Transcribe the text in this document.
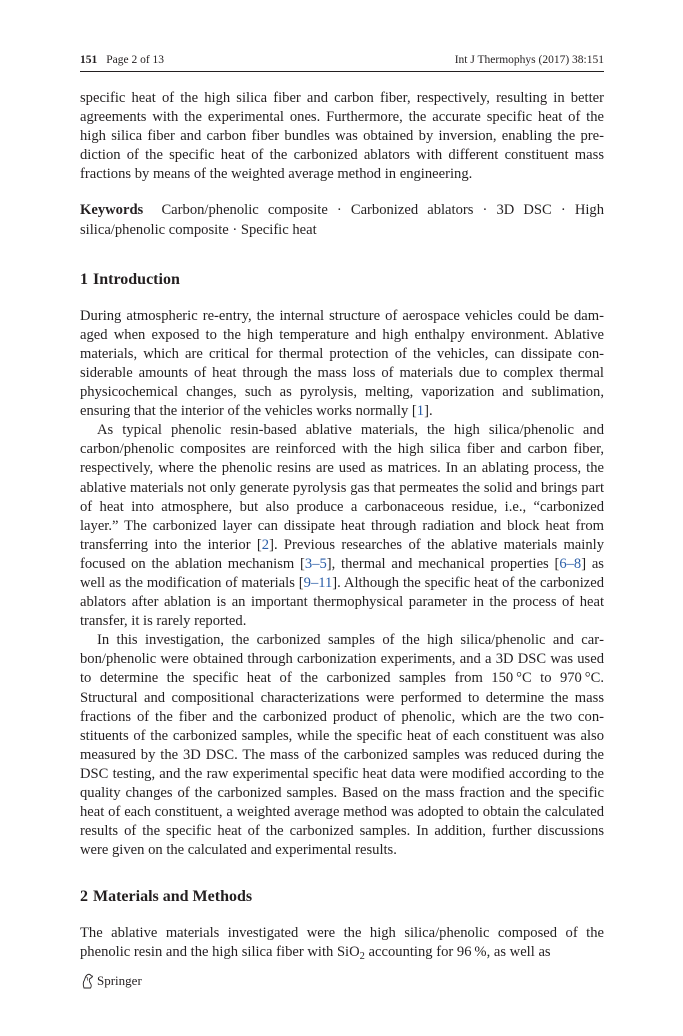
151 Page 2 of 13	Int J Thermophys (2017) 38:151

specific heat of the high silica fiber and carbon fiber, respectively, resulting in better agreements with the experimental ones. Furthermore, the accurate specific heat of the high silica fiber and carbon fiber bundles was obtained by inversion, enabling the prediction of the specific heat of the carbonized ablators with different constituent mass fractions by means of the weighted average method in engineering.

Keywords Carbon/phenolic composite · Carbonized ablators · 3D DSC · High silica/phenolic composite · Specific heat

1 Introduction

During atmospheric re-entry, the internal structure of aerospace vehicles could be damaged when exposed to the high temperature and high enthalpy environment. Ablative materials, which are critical for thermal protection of the vehicles, can dissipate considerable amounts of heat through the mass loss of materials due to complex thermal physicochemical changes, such as pyrolysis, melting, vaporization and sublimation, ensuring that the interior of the vehicles works normally [1].

As typical phenolic resin-based ablative materials, the high silica/phenolic and carbon/phenolic composites are reinforced with the high silica fiber and carbon fiber, respectively, where the phenolic resins are used as matrices. In an ablating process, the ablative materials not only generate pyrolysis gas that permeates the solid and brings part of heat into atmosphere, but also produce a carbonaceous residue, i.e., “carbonized layer.” The carbonized layer can dissipate heat through radiation and block heat from transferring into the interior [2]. Previous researches of the ablative materials mainly focused on the ablation mechanism [3–5], thermal and mechanical properties [6–8] as well as the modification of materials [9–11]. Although the specific heat of the carbonized ablators after ablation is an important thermophysical parameter in the process of heat transfer, it is rarely reported.

In this investigation, the carbonized samples of the high silica/phenolic and carbon/phenolic were obtained through carbonization experiments, and a 3D DSC was used to determine the specific heat of the carbonized samples from 150 °C to 970 °C. Structural and compositional characterizations were performed to determine the mass fractions of the fiber and the carbonized product of phenolic, which are the two constituents of the carbonized samples, while the specific heat of each constituent was also measured by the 3D DSC. The mass of the carbonized samples was reduced during the DSC testing, and the raw experimental specific heat data were modified according to the quality changes of the carbonized samples. Based on the mass fraction and the specific heat of each constituent, a weighted average method was adopted to obtain the calculated results of the specific heat of the carbonized samples. In addition, further discussions were given on the calculated and experimental results.

2 Materials and Methods

The ablative materials investigated were the high silica/phenolic composed of the phenolic resin and the high silica fiber with SiO$_2$ accounting for 96 %, as well as

Springer
